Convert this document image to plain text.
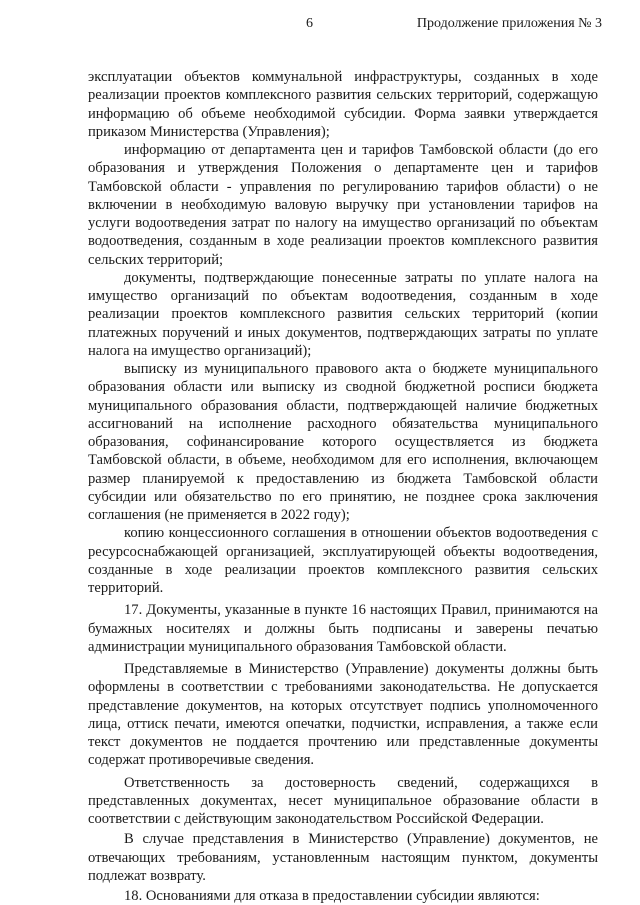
6	Продолжение приложения № 3

эксплуатации объектов коммунальной инфраструктуры, созданных в ходе реализации проектов комплексного развития сельских территорий, содержащую информацию об объеме необходимой субсидии. Форма заявки утверждается приказом Министерства (Управления);

информацию от департамента цен и тарифов Тамбовской области (до его образования и утверждения Положения о департаменте цен и тарифов Тамбовской области - управления по регулированию тарифов области) о не включении в необходимую валовую выручку при установлении тарифов на услуги водоотведения затрат по налогу на имущество организаций по объектам водоотведения, созданным в ходе реализации проектов комплексного развития сельских территорий;

документы, подтверждающие понесенные затраты по уплате налога на имущество организаций по объектам водоотведения, созданным в ходе реализации проектов комплексного развития сельских территорий (копии платежных поручений и иных документов, подтверждающих затраты по уплате налога на имущество организаций);

выписку из муниципального правового акта о бюджете муниципального образования области или выписку из сводной бюджетной росписи бюджета муниципального образования области, подтверждающей наличие бюджетных ассигнований на исполнение расходного обязательства муниципального образования, софинансирование которого осуществляется из бюджета Тамбовской области, в объеме, необходимом для его исполнения, включающем размер планируемой к предоставлению из бюджета Тамбовской области субсидии или обязательство по его принятию, не позднее срока заключения соглашения (не применяется в 2022 году);

копию концессионного соглашения в отношении объектов водоотведения с ресурсоснабжающей организацией, эксплуатирующей объекты водоотведения, созданные в ходе реализации проектов комплексного развития сельских территорий.

17. Документы, указанные в пункте 16 настоящих Правил, принимаются на бумажных носителях и должны быть подписаны и заверены печатью администрации муниципального образования Тамбовской области.

Представляемые в Министерство (Управление) документы должны быть оформлены в соответствии с требованиями законодательства. Не допускается представление документов, на которых отсутствует подпись уполномоченного лица, оттиск печати, имеются опечатки, подчистки, исправления, а также если текст документов не поддается прочтению или представленные документы содержат противоречивые сведения.

Ответственность за достоверность сведений, содержащихся в представленных документах, несет муниципальное образование области в соответствии с действующим законодательством Российской Федерации.

В случае представления в Министерство (Управление) документов, не отвечающих требованиям, установленным настоящим пунктом, документы подлежат возврату.

18. Основаниями для отказа в предоставлении субсидии являются:
